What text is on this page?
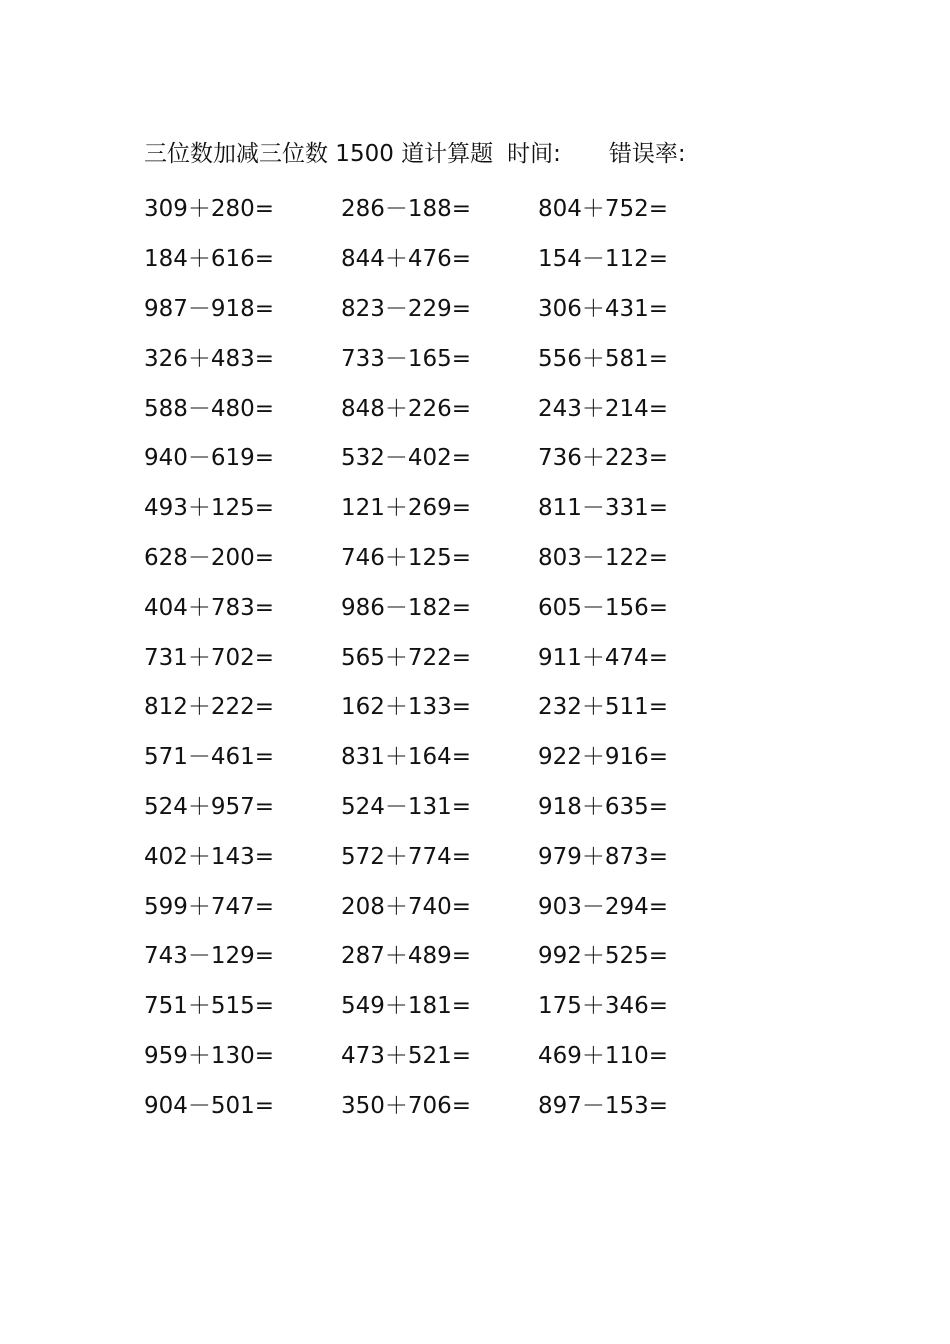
三位数加减三位数 1500 道计算题 时间: 错误率:
309＋280=	286－188=	804＋752=
184＋616=	844＋476=	154－112=
987－918=	823－229=	306＋431=
326＋483=	733－165=	556＋581=
588－480=	848＋226=	243＋214=
940－619=	532－402=	736＋223=
493＋125=	121＋269=	811－331=
628－200=	746＋125=	803－122=
404＋783=	986－182=	605－156=
731＋702=	565＋722=	911＋474=
812＋222=	162＋133=	232＋511=
571－461=	831＋164=	922＋916=
524＋957=	524－131=	918＋635=
402＋143=	572＋774=	979＋873=
599＋747=	208＋740=	903－294=
743－129=	287＋489=	992＋525=
751＋515=	549＋181=	175＋346=
959＋130=	473＋521=	469＋110=
904－501=	350＋706=	897－153=
